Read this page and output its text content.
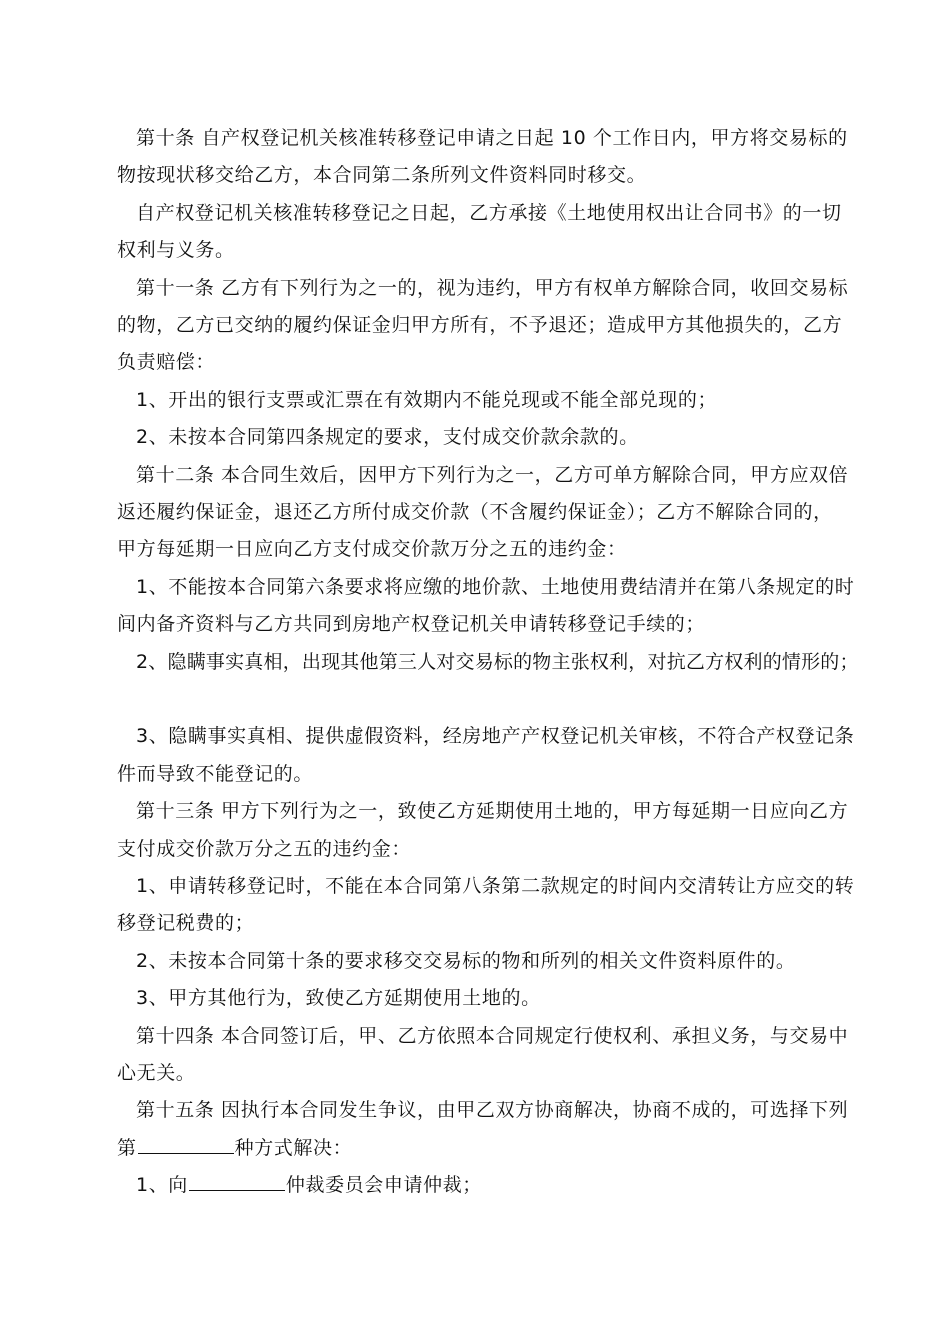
第十条 自产权登记机关核准转移登记申请之日起 10 个工作日内，甲方将交易标的
物按现状移交给乙方，本合同第二条所列文件资料同时移交。
自产权登记机关核准转移登记之日起，乙方承接《土地使用权出让合同书》的一切
权利与义务。
第十一条 乙方有下列行为之一的，视为违约，甲方有权单方解除合同，收回交易标
的物，乙方已交纳的履约保证金归甲方所有，不予退还；造成甲方其他损失的，乙方
负责赔偿：
1、开出的银行支票或汇票在有效期内不能兑现或不能全部兑现的；
2、未按本合同第四条规定的要求，支付成交价款余款的。
第十二条 本合同生效后，因甲方下列行为之一，乙方可单方解除合同，甲方应双倍
返还履约保证金，退还乙方所付成交价款（不含履约保证金）；乙方不解除合同的，
甲方每延期一日应向乙方支付成交价款万分之五的违约金：
1、不能按本合同第六条要求将应缴的地价款、土地使用费结清并在第八条规定的时
间内备齐资料与乙方共同到房地产权登记机关申请转移登记手续的；
2、隐瞒事实真相，出现其他第三人对交易标的物主张权利，对抗乙方权利的情形的；
3、隐瞒事实真相、提供虚假资料，经房地产产权登记机关审核，不符合产权登记条
件而导致不能登记的。
第十三条 甲方下列行为之一，致使乙方延期使用土地的，甲方每延期一日应向乙方
支付成交价款万分之五的违约金：
1、申请转移登记时，不能在本合同第八条第二款规定的时间内交清转让方应交的转
移登记税费的；
2、未按本合同第十条的要求移交交易标的物和所列的相关文件资料原件的。
3、甲方其他行为，致使乙方延期使用土地的。
第十四条 本合同签订后，甲、乙方依照本合同规定行使权利、承担义务，与交易中
心无关。
第十五条 因执行本合同发生争议，由甲乙双方协商解决，协商不成的，可选择下列
第	种方式解决：
1、向	仲裁委员会申请仲裁；
